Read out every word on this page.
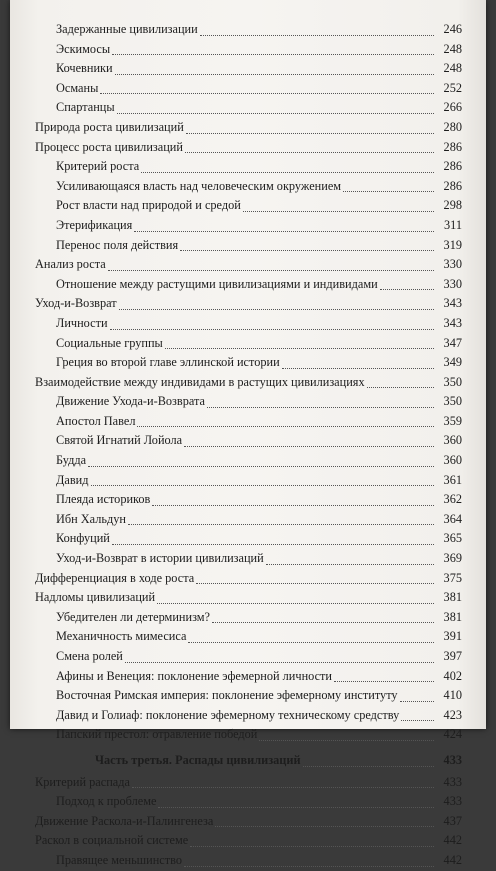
Задержанные цивилизации	246
Эскимосы	248
Кочевники	248
Османы	252
Спартанцы	266
Природа роста цивилизаций	280
Процесс роста цивилизаций	286
Критерий роста	286
Усиливающаяся власть над человеческим окружением	286
Рост власти над природой и средой	298
Этерификация	311
Перенос поля действия	319
Анализ роста	330
Отношение между растущими цивилизациями и индивидами	330
Уход-и-Возврат	343
Личности	343
Социальные группы	347
Греция во второй главе эллинской истории	349
Взаимодействие между индивидами в растущих цивилизациях	350
Движение Ухода-и-Возврата	350
Апостол Павел	359
Святой Игнатий Лойола	360
Будда	360
Давид	361
Плеяда историков	362
Ибн Хальдун	364
Конфуций	365
Уход-и-Возврат в истории цивилизаций	369
Дифференциация в ходе роста	375
Надломы цивилизаций	381
Убедителен ли детерминизм?	381
Механичность мимесиса	391
Смена ролей	397
Афины и Венеция: поклонение эфемерной личности	402
Восточная Римская империя: поклонение эфемерному институту	410
Давид и Голиаф: поклонение эфемерному техническому средству	423
Папский престол: отравление победой	424
Часть третья. Распады цивилизаций	433
Критерий распада	433
Подход к проблеме	433
Движение Раскола-и-Палингенеза	437
Раскол в социальной системе	442
Правящее меньшинство	442
